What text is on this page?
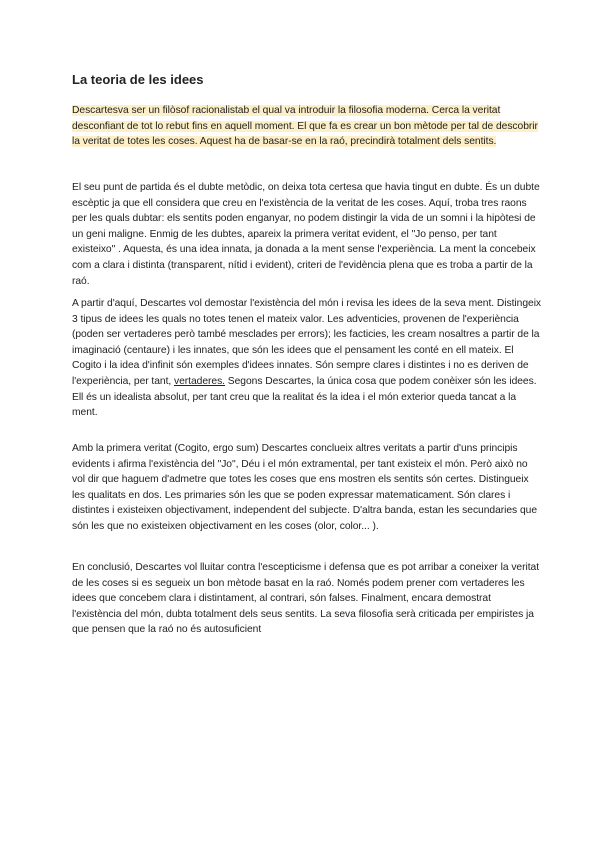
La teoria de les idees

Descartesva ser un filòsof racionalistab el qual va introduir la filosofia moderna. Cerca la veritat desconfiant de tot lo rebut fins en aquell moment. El que fa es crear un bon mètode per tal de descobrir la veritat de totes les coses. Aquest ha de basar-se en la raó, precindirà totalment dels sentits.

El seu punt de partida és el dubte metòdic, on deixa tota certesa que havia tingut en dubte. És un dubte escèptic ja que ell considera que creu en l'existència de la veritat de les coses. Aquí, troba tres raons per les quals dubtar: els sentits poden enganyar, no podem distingir la vida de un somni i la hipòtesi de un geni maligne. Enmig de les dubtes, apareix la primera veritat evident, el "Jo penso, per tant existeixo" . Aquesta, és una idea innata, ja donada a la ment sense l'experiència. La ment la concebeix com a clara i distinta (transparent, nítid i evident), criteri de l'evidència plena que es troba a partir de la raó.

A partir d'aquí, Descartes vol demostar l'existència del món i revisa les idees de la seva ment. Distingeix 3 tipus de idees les quals no totes tenen el mateix valor. Les adventicies, provenen de l'experiència (poden ser vertaderes però també mesclades per errors); les facticies, les cream nosaltres a partir de la imaginació (centaure) i les innates, que són les idees que el pensament les conté en ell mateix. El Cogito i la idea d'infinit són exemples d'idees innates. Són sempre clares i distintes i no es deriven de l'experiència, per tant, vertaderes. Segons Descartes, la única cosa que podem conèixer són les idees. Ell és un idealista absolut, per tant creu que la realitat és la idea i el món exterior queda tancat a la ment.

Amb la primera veritat (Cogito, ergo sum) Descartes conclueix altres veritats a partir d'uns principis evidents i afirma l'existència del "Jo", Déu i el món extramental, per tant existeix el món. Però això no vol dir que haguem d'admetre que totes les coses que ens mostren els sentits són certes. Distingueix les qualitats en dos. Les primaries són les que se poden expressar matematicament. Són clares i distintes i existeixen objectivament, independent del subjecte. D'altra banda, estan les secundaries que són les que no existeixen objectivament en les coses (olor, color... ).

En conclusió, Descartes vol lluitar contra l'escepticisme i defensa que es pot arribar a coneixer la veritat de les coses si es segueix un bon mètode basat en la raó. Només podem prener com vertaderes les idees que concebem clara i distintament, al contrari, són falses. Finalment, encara demostrat l'existència del món, dubta totalment dels seus sentits. La seva filosofia serà criticada per empiristes ja que pensen que la raó no és autosuficient
